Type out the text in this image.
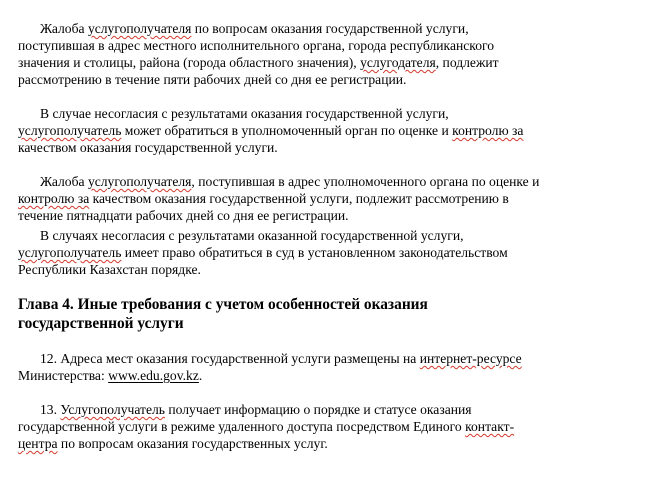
Жалоба услугополучателя по вопросам оказания государственной услуги,
поступившая в адрес местного исполнительного органа, города республиканского
значения и столицы, района (города областного значения), услугодателя, подлежит
рассмотрению в течение пяти рабочих дней со дня ее регистрации.

В случае несогласия с результатами оказания государственной услуги,
услугополучатель может обратиться в уполномоченный орган по оценке и контролю за
качеством оказания государственной услуги.

Жалоба услугополучателя, поступившая в адрес уполномоченного органа по оценке и
контролю за качеством оказания государственной услуги, подлежит рассмотрению в
течение пятнадцати рабочих дней со дня ее регистрации.

В случаях несогласия с результатами оказанной государственной услуги,
услугополучатель имеет право обратиться в суд в установленном законодательством
Республики Казахстан порядке.

Глава 4. Иные требования с учетом особенностей оказания
государственной услуги

12. Адреса мест оказания государственной услуги размещены на интернет-ресурсе
Министерства: www.edu.gov.kz.

13. Услугополучатель получает информацию о порядке и статусе оказания
государственной услуги в режиме удаленного доступа посредством Единого контакт-
центра по вопросам оказания государственных услуг.
